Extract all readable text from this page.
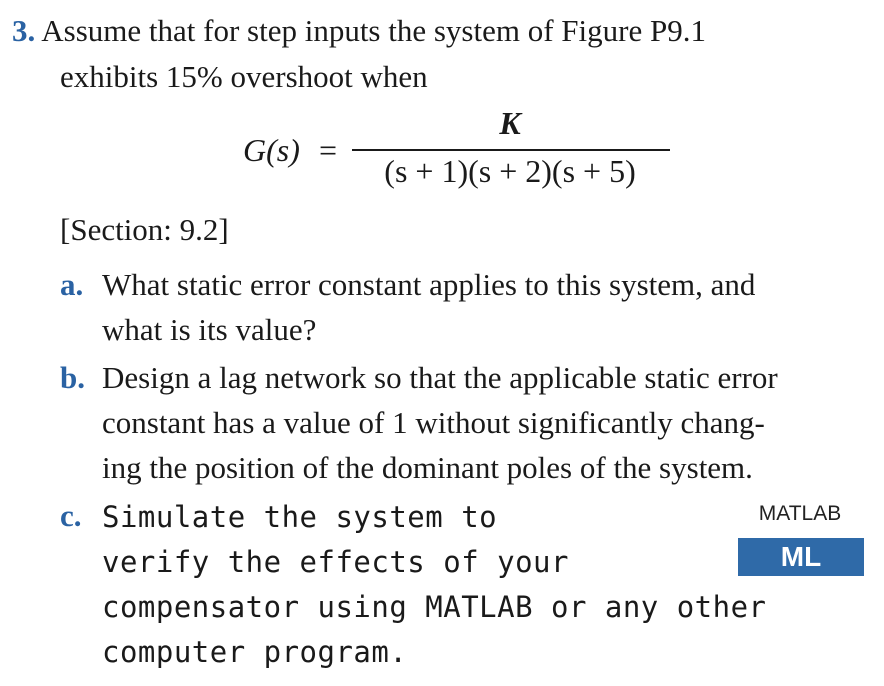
3. Assume that for step inputs the system of Figure P9.1
exhibits 15% overshoot when
G(s) =
K
(s + 1)(s + 2)(s + 5)
[Section: 9.2]
a. What static error constant applies to this system, and
what is its value?
b. Design a lag network so that the applicable static error
constant has a value of 1 without significantly chang-
ing the position of the dominant poles of the system.
c. Simulate the system to
verify the effects of your
compensator using MATLAB or any other
computer program.
MATLAB
ML
